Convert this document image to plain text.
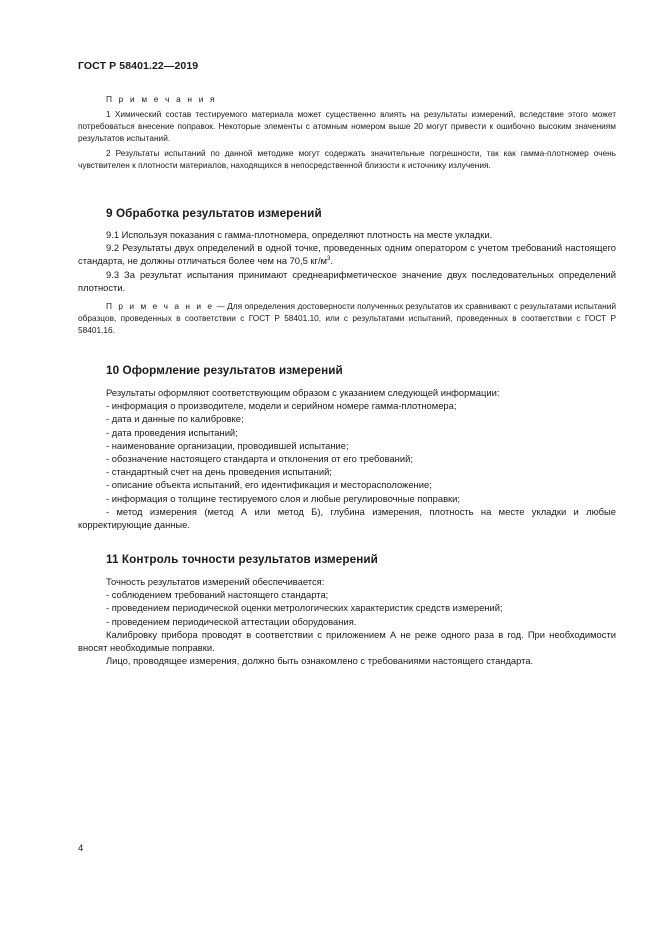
ГОСТ Р 58401.22—2019
П р и м е ч а н и я

1 Химический состав тестируемого материала может существенно влиять на результаты измерений, вследствие этого может потребоваться внесение поправок. Некоторые элементы с атомным номером выше 20 могут привести к ошибочно высоким значениям результатов испытаний.

2 Результаты испытаний по данной методике могут содержать значительные погрешности, так как гамма-плотномер очень чувствителен к плотности материалов, находящихся в непосредственной близости к источнику излучения.

9 Обработка результатов измерений

9.1 Используя показания с гамма-плотномера, определяют плотность на месте укладки.

9.2 Результаты двух определений в одной точке, проведенных одним оператором с учетом требований настоящего стандарта, не должны отличаться более чем на 70,5 $кг/м^3$.

9.3 За результат испытания принимают среднеарифметическое значение двух последовательных определений плотности.

П р и м е ч а н и е — Для определения достоверности полученных результатов их сравнивают с результатами испытаний образцов, проведенных в соответствии с ГОСТ Р 58401.10, или с результатами испытаний, проведенных в соответствии с ГОСТ Р 58401.16.

10 Оформление результатов измерений

Результаты оформляют соответствующим образом с указанием следующей информации:

- информация о производителе, модели и серийном номере гамма-плотномера;
- дата и данные по калибровке;
- дата проведения испытаний;
- наименование организации, проводившей испытание;
- обозначение настоящего стандарта и отклонения от его требований;
- стандартный счет на день проведения испытаний;
- описание объекта испытаний, его идентификация и месторасположение;
- информация о толщине тестируемого слоя и любые регулировочные поправки;
- метод измерения (метод А или метод Б), глубина измерения, плотность на месте укладки и любые корректирующие данные.
11 Контроль точности результатов измерений

Точность результатов измерений обеспечивается:

- соблюдением требований настоящего стандарта;
- проведением периодической оценки метрологических характеристик средств измерений;
- проведением периодической аттестации оборудования.

Калибровку прибора проводят в соответствии с приложением А не реже одного раза в год. При необходимости вносят необходимые поправки.

Лицо, проводящее измерения, должно быть ознакомлено с требованиями настоящего стандарта.

4
